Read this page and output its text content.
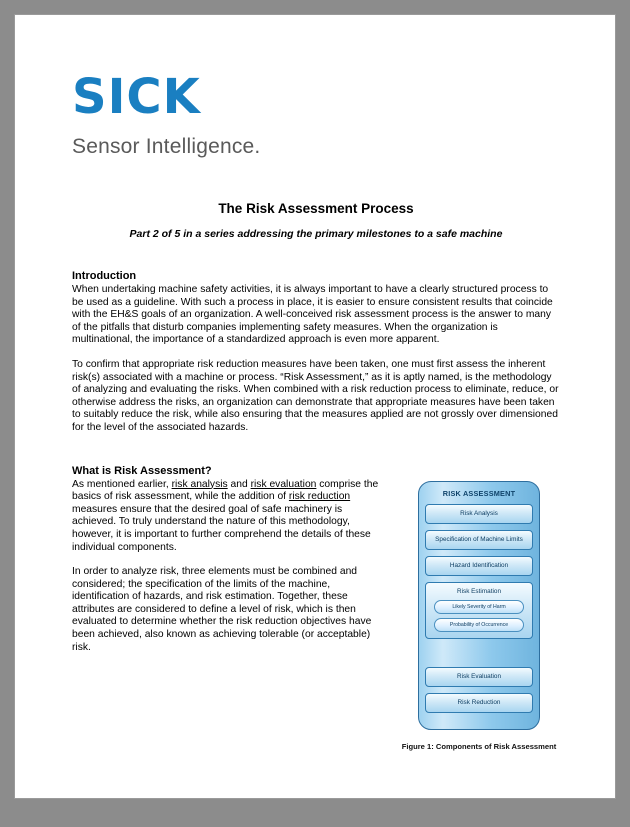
SICK
Sensor Intelligence.
The Risk Assessment Process
Part 2 of 5 in a series addressing the primary milestones to a safe machine
Introduction

When undertaking machine safety activities, it is always important to have a clearly structured process to be used as a guideline. With such a process in place, it is easier to ensure consistent results that coincide with the EH&S goals of an organization. A well-conceived risk assessment process is the answer to many of the pitfalls that disturb companies implementing safety measures. When the organization is multinational, the importance of a standardized approach is even more apparent.

To confirm that appropriate risk reduction measures have been taken, one must first assess the inherent risk(s) associated with a machine or process. “Risk Assessment,” as it is aptly named, is the methodology of analyzing and evaluating the risks. When combined with a risk reduction process to eliminate, reduce, or otherwise address the risks, an organization can demonstrate that appropriate measures have been taken to suitably reduce the risk, while also ensuring that the measures applied are not grossly over dimensioned for the level of the associated hazards.

What is Risk Assessment?

As mentioned earlier, risk analysis and risk evaluation comprise the basics of risk assessment, while the addition of risk reduction measures ensure that the desired goal of safe machinery is achieved. To truly understand the nature of this methodology, however, it is important to further comprehend the details of these individual components.

In order to analyze risk, three elements must be combined and considered; the specification of the limits of the machine, identification of hazards, and risk estimation. Together, these attributes are considered to define a level of risk, which is then evaluated to determine whether the risk reduction objectives have been achieved, also known as achieving tolerable (or acceptable) risk.

RISK ASSESSMENT
Risk Analysis
Specification of Machine Limits
Hazard Identification
Risk Estimation
Likely Severity of Harm
Probability of Occurrence
Risk Evaluation
Risk Reduction
Figure 1: Components of Risk Assessment
